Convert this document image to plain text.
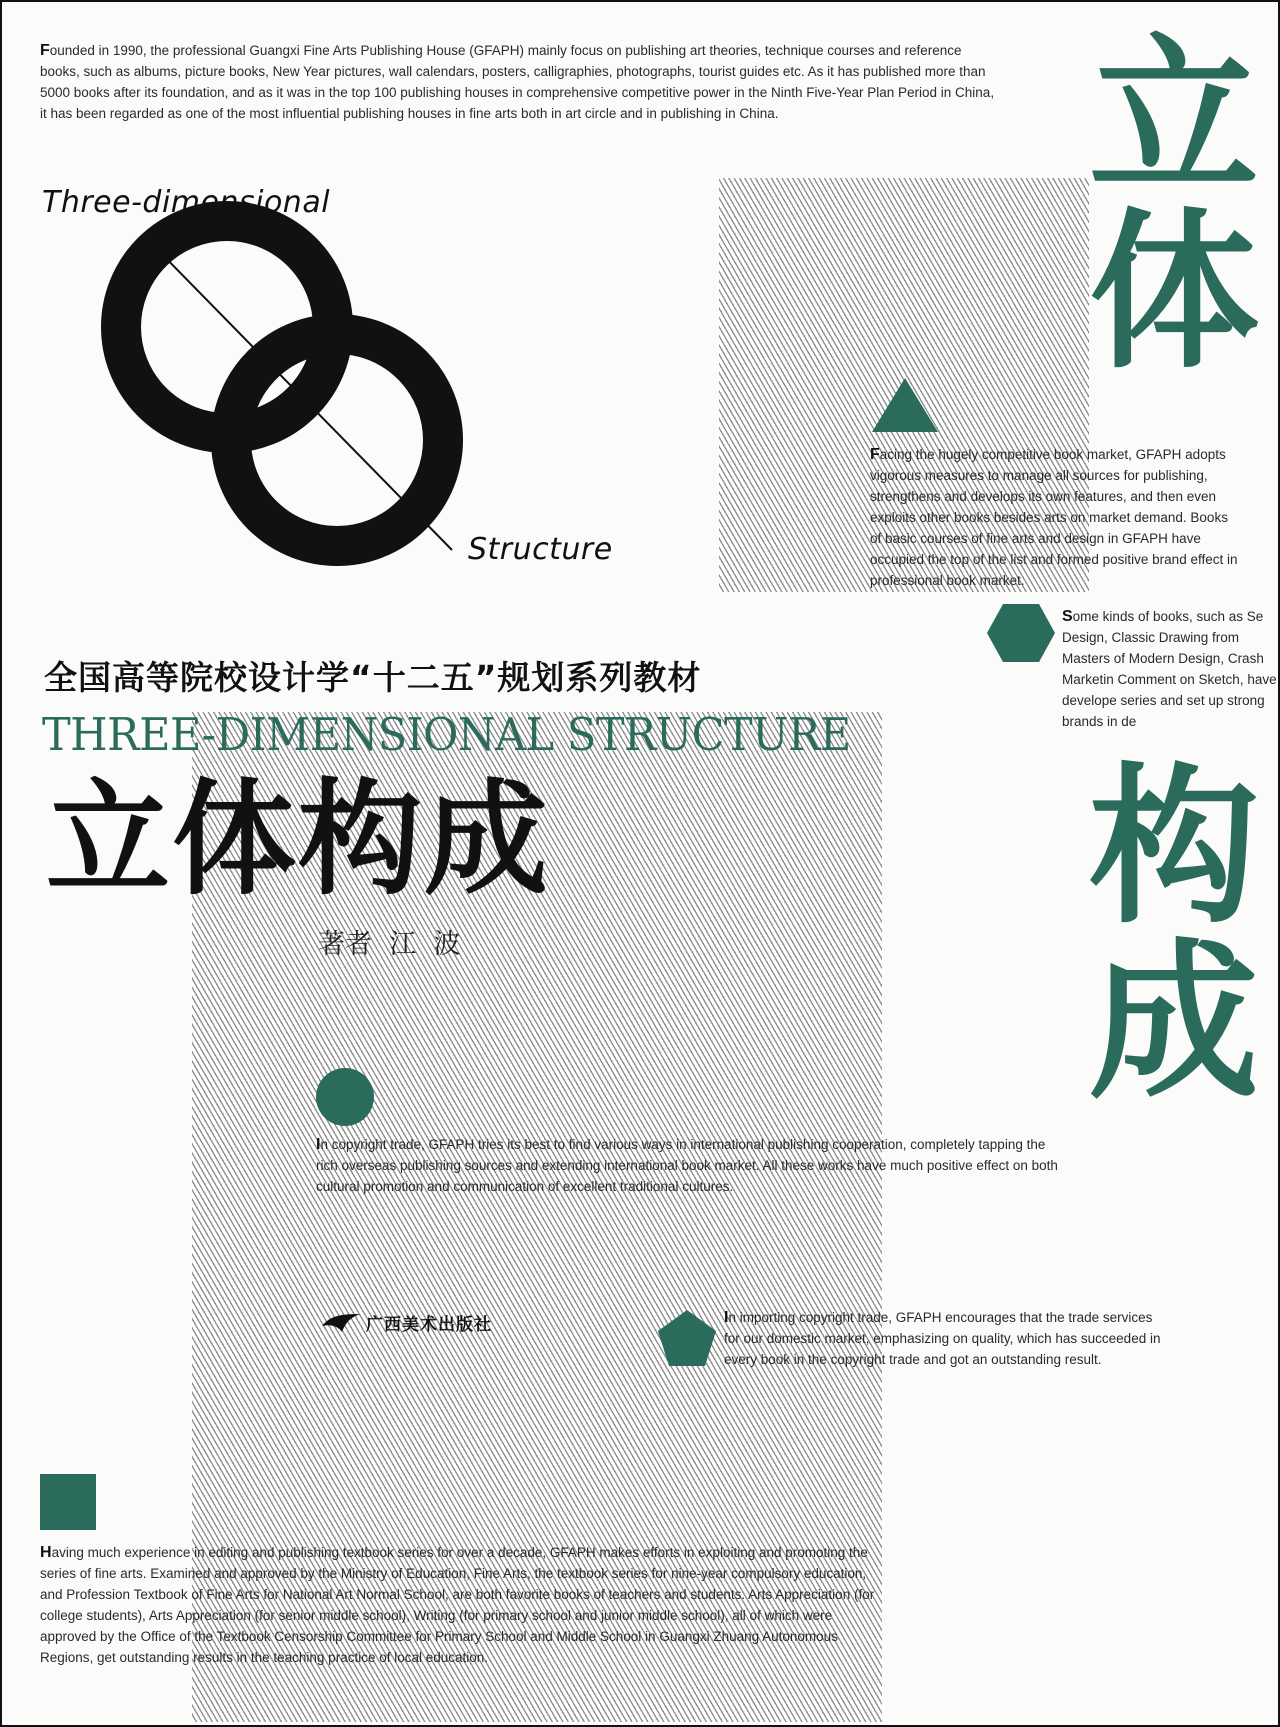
Founded in 1990, the professional Guangxi Fine Arts Publishing House (GFAPH) mainly focus on publishing art theories, technique courses and reference books, such as albums, picture books, New Year pictures, wall calendars, posters, calligraphies, photographs, tourist guides etc. As it has published more than 5000 books after its foundation, and as it was in the top 100 publishing houses in comprehensive competitive power in the Ninth Five-Year Plan Period in China, it has been regarded as one of the most influential publishing houses in fine arts both in art circle and in publishing in China.

Three-dimensional
Structure
立
体
构
成

Facing the hugely competitive book market, GFAPH adopts vigorous measures to manage all sources for publishing, strengthens and develops its own features, and then even exploits other books besides arts on market demand. Books of basic courses of fine arts and design in GFAPH have occupied the top of the list and formed positive brand effect in professional book market.

Some kinds of books, such as Se Design, Classic Drawing from Masters of Modern Design, Crash Marketin Comment on Sketch, have develope series and set up strong brands in de

全国高等院校设计学“十二五”规划系列教材
THREE-DIMENSIONAL STRUCTURE
立体构成
著者  江  波

In copyright trade, GFAPH tries its best to find various ways in international publishing cooperation, completely tapping the rich overseas publishing sources and extending international book market. All these works have much positive effect on both cultural promotion and communication of excellent traditional cultures.

广西美术出版社	In importing copyright trade, GFAPH encourages that the trade services for our domestic market, emphasizing on quality, which has succeeded in every book in the copyright trade and got an outstanding result.

Having much experience in editing and publishing textbook series for over a decade, GFAPH makes efforts in exploiting and promoting the series of fine arts. Examined and approved by the Ministry of Education, Fine Arts, the textbook series for nine-year compulsory education, and Profession Textbook of Fine Arts for National Art Normal School, are both favorite books of teachers and students. Arts Appreciation (for college students), Arts Appreciation (for senior middle school), Writing (for primary school and junior middle school), all of which were approved by the Office of the Textbook Censorship Committee for Primary School and Middle School in Guangxi Zhuang Autonomous Regions, get outstanding results in the teaching practice of local education.
